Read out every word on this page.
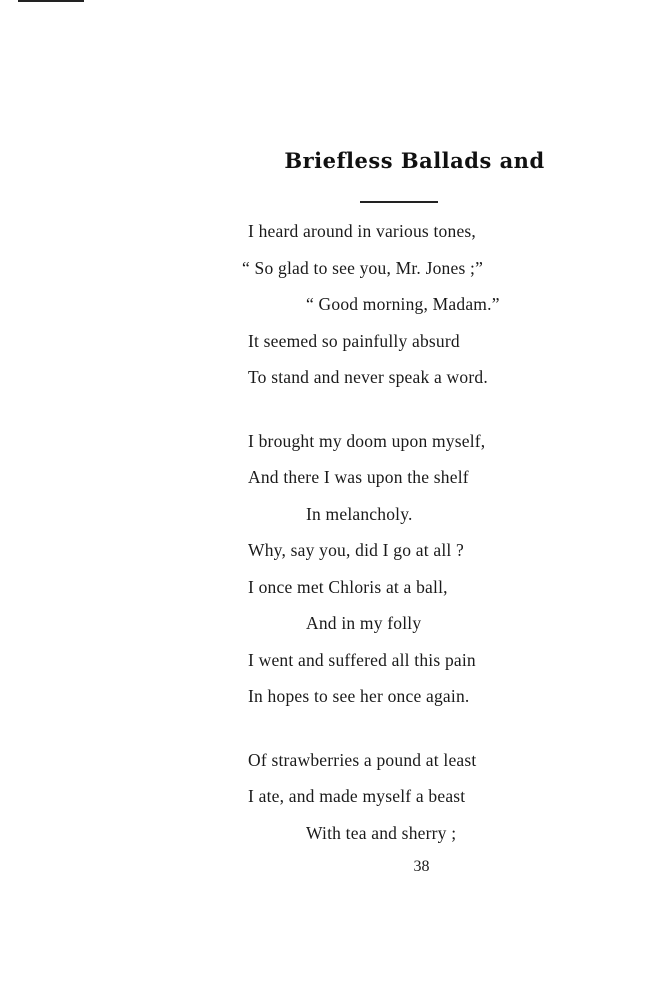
Briefless Ballads and
I heard around in various tones,
“ So glad to see you, Mr. Jones ;”
“ Good morning, Madam.”
It seemed so painfully absurd
To stand and never speak a word.
I brought my doom upon myself,
And there I was upon the shelf
In melancholy.
Why, say you, did I go at all ?
I once met Chloris at a ball,
And in my folly
I went and suffered all this pain
In hopes to see her once again.
Of strawberries a pound at least
I ate, and made myself a beast
With tea and sherry ;
38
